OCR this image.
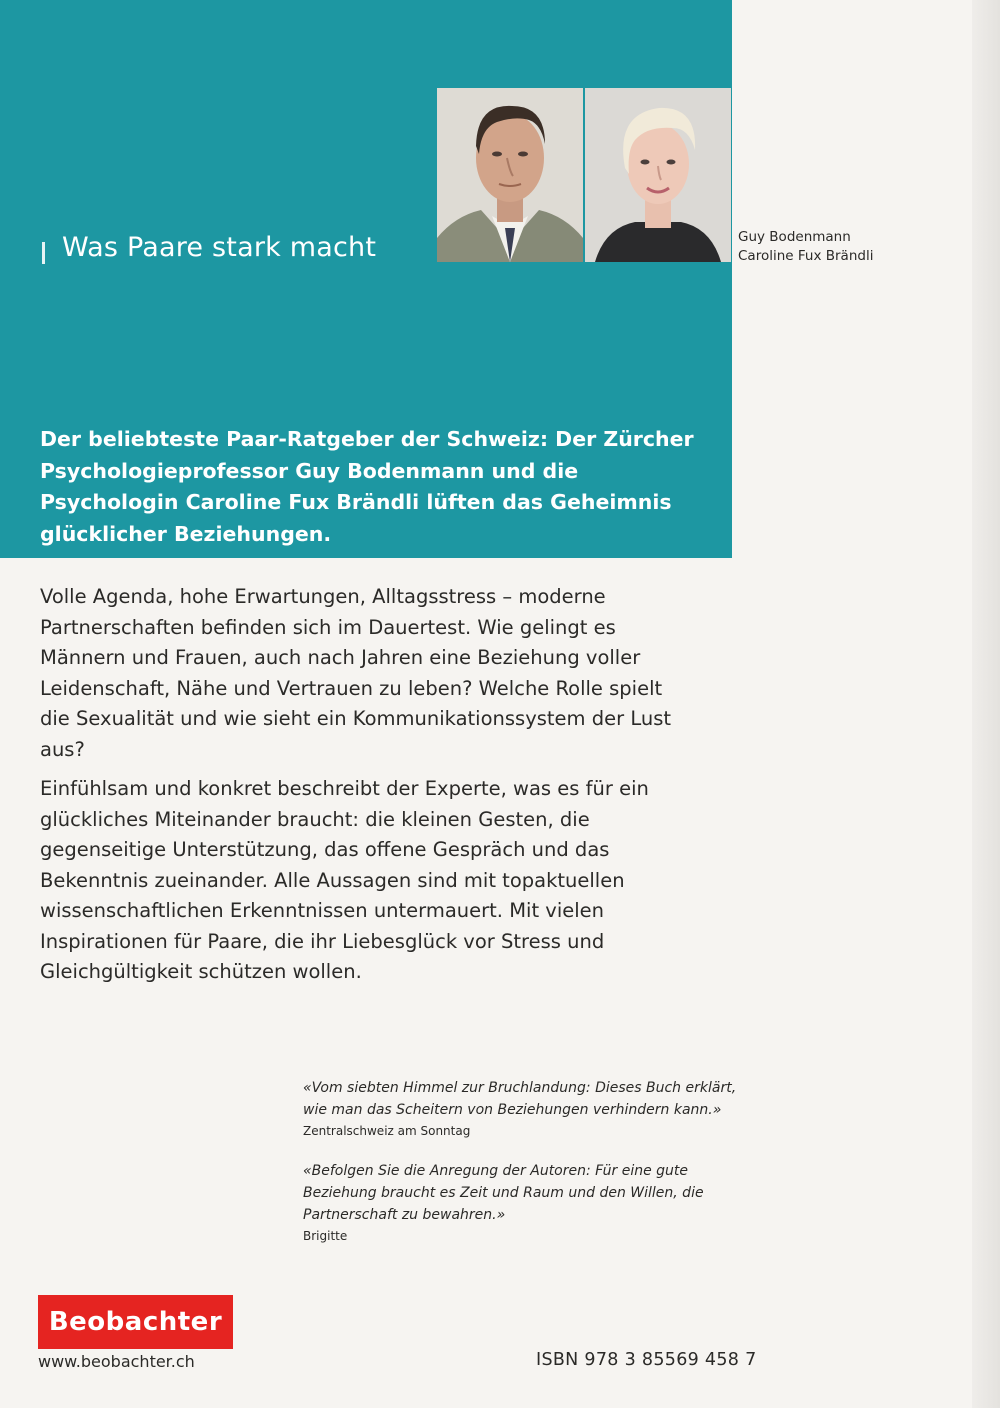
Was Paare stark macht

Der beliebteste Paar-Ratgeber der Schweiz: Der Zürcher Psychologieprofessor Guy Bodenmann und die Psychologin Caroline Fux Brändli lüften das Geheimnis glücklicher Beziehungen.

Guy Bodenmann
Caroline Fux Brändli

Volle Agenda, hohe Erwartungen, Alltagsstress – moderne Partnerschaften befinden sich im Dauertest. Wie gelingt es Männern und Frauen, auch nach Jahren eine Beziehung voller Leidenschaft, Nähe und Vertrauen zu leben? Welche Rolle spielt die Sexualität und wie sieht ein Kommunikationssystem der Lust aus?

Einfühlsam und konkret beschreibt der Experte, was es für ein glückliches Miteinander braucht: die kleinen Gesten, die gegenseitige Unterstützung, das offene Gespräch und das Bekenntnis zueinander. Alle Aussagen sind mit topaktuellen wissenschaftlichen Erkenntnissen untermauert. Mit vielen Inspirationen für Paare, die ihr Liebesglück vor Stress und Gleichgültigkeit schützen wollen.

«Vom siebten Himmel zur Bruchlandung: Dieses Buch erklärt, wie man das Scheitern von Beziehungen verhindern kann.»
Zentralschweiz am Sonntag
«Befolgen Sie die Anregung der Autoren: Für eine gute Beziehung braucht es Zeit und Raum und den Willen, die Partnerschaft zu bewahren.»
Brigitte
Beobachter
www.beobachter.ch	ISBN 978 3 85569 458 7
